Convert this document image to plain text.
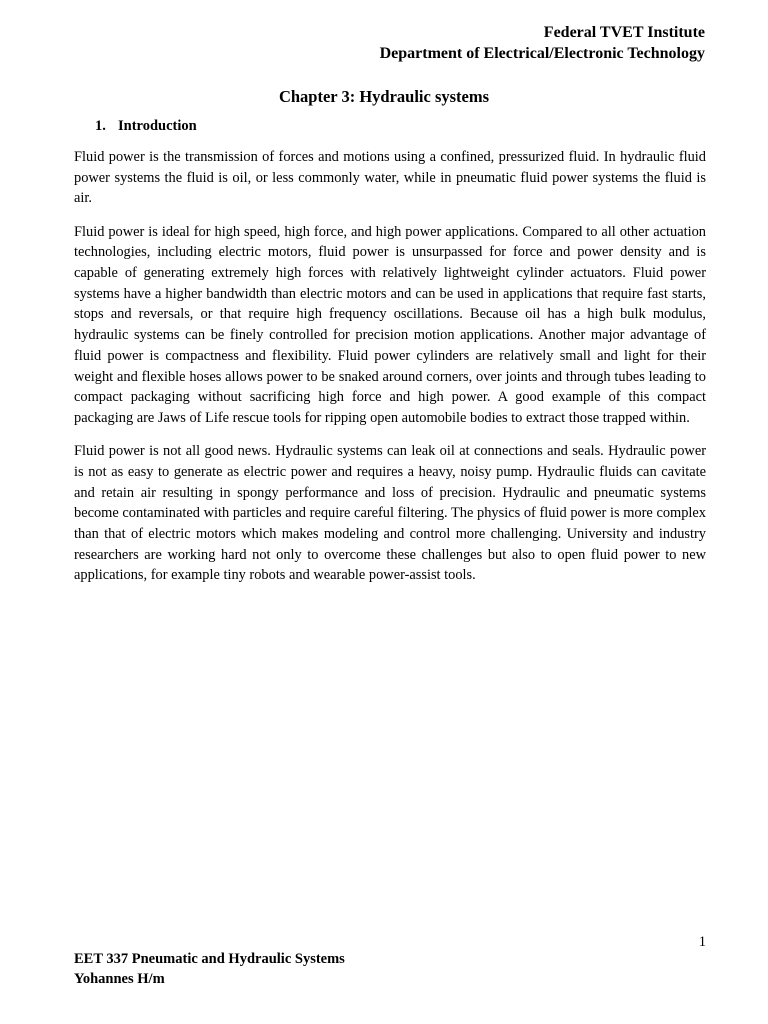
Federal TVET Institute
Department of Electrical/Electronic Technology
Chapter 3: Hydraulic systems
1. Introduction

Fluid power is the transmission of forces and motions using a confined, pressurized fluid. In hydraulic fluid power systems the fluid is oil, or less commonly water, while in pneumatic fluid power systems the fluid is air.

Fluid power is ideal for high speed, high force, and high power applications. Compared to all other actuation technologies, including electric motors, fluid power is unsurpassed for force and power density and is capable of generating extremely high forces with relatively lightweight cylinder actuators. Fluid power systems have a higher bandwidth than electric motors and can be used in applications that require fast starts, stops and reversals, or that require high frequency oscillations. Because oil has a high bulk modulus, hydraulic systems can be finely controlled for precision motion applications. Another major advantage of fluid power is compactness and flexibility. Fluid power cylinders are relatively small and light for their weight and flexible hoses allows power to be snaked around corners, over joints and through tubes leading to compact packaging without sacrificing high force and high power. A good example of this compact packaging are Jaws of Life rescue tools for ripping open automobile bodies to extract those trapped within.

Fluid power is not all good news. Hydraulic systems can leak oil at connections and seals. Hydraulic power is not as easy to generate as electric power and requires a heavy, noisy pump. Hydraulic fluids can cavitate and retain air resulting in spongy performance and loss of precision. Hydraulic and pneumatic systems become contaminated with particles and require careful filtering. The physics of fluid power is more complex than that of electric motors which makes modeling and control more challenging. University and industry researchers are working hard not only to overcome these challenges but also to open fluid power to new applications, for example tiny robots and wearable power-assist tools.

1
EET 337 Pneumatic and Hydraulic Systems
Yohannes H/m
